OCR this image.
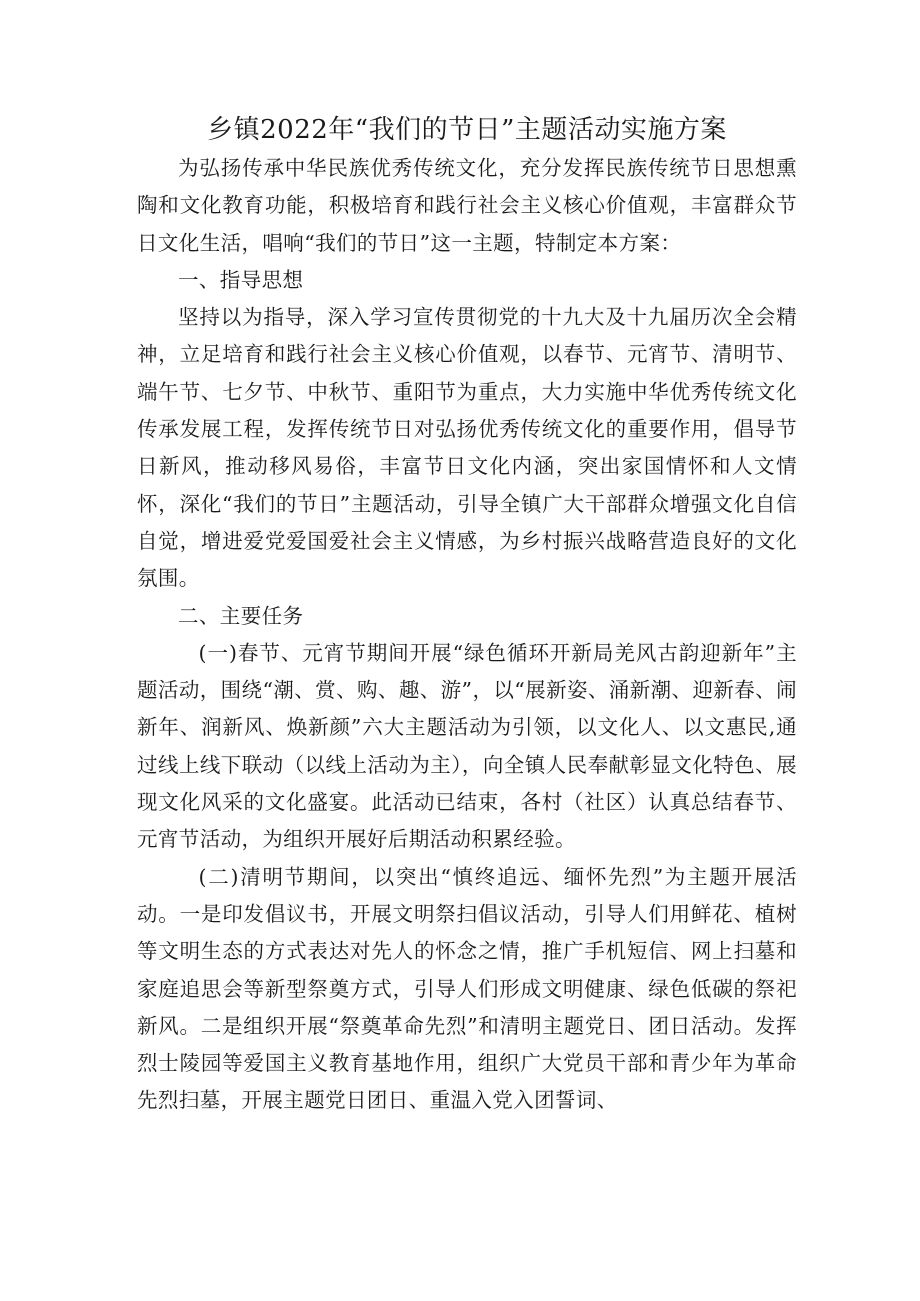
乡镇2022年“我们的节日”主题活动实施方案

为弘扬传承中华民族优秀传统文化，充分发挥民族传统节日思想熏陶和文化教育功能，积极培育和践行社会主义核心价值观，丰富群众节日文化生活，唱响“我们的节日”这一主题，特制定本方案：

一、指导思想

坚持以为指导，深入学习宣传贯彻党的十九大及十九届历次全会精神，立足培育和践行社会主义核心价值观，以春节、元宵节、清明节、端午节、七夕节、中秋节、重阳节为重点，大力实施中华优秀传统文化传承发展工程，发挥传统节日对弘扬优秀传统文化的重要作用，倡导节日新风，推动移风易俗，丰富节日文化内涵，突出家国情怀和人文情怀，深化“我们的节日”主题活动，引导全镇广大干部群众增强文化自信自觉，增进爱党爱国爱社会主义情感，为乡村振兴战略营造良好的文化氛围。

二、主要任务

(一)春节、元宵节期间开展“绿色循环开新局羌风古韵迎新年”主题活动，围绕“潮、赏、购、趣、游”，以“展新姿、涌新潮、迎新春、闹新年、润新风、焕新颜”六大主题活动为引领，以文化人、以文惠民,通过线上线下联动（以线上活动为主），向全镇人民奉献彰显文化特色、展现文化风采的文化盛宴。此活动已结束，各村（社区）认真总结春节、元宵节活动，为组织开展好后期活动积累经验。

(二)清明节期间，以突出“慎终追远、缅怀先烈”为主题开展活动。一是印发倡议书，开展文明祭扫倡议活动，引导人们用鲜花、植树等文明生态的方式表达对先人的怀念之情，推广手机短信、网上扫墓和家庭追思会等新型祭奠方式，引导人们形成文明健康、绿色低碳的祭祀新风。二是组织开展“祭奠革命先烈”和清明主题党日、团日活动。发挥烈士陵园等爱国主义教育基地作用，组织广大党员干部和青少年为革命先烈扫墓，开展主题党日团日、重温入党入团誓词、
